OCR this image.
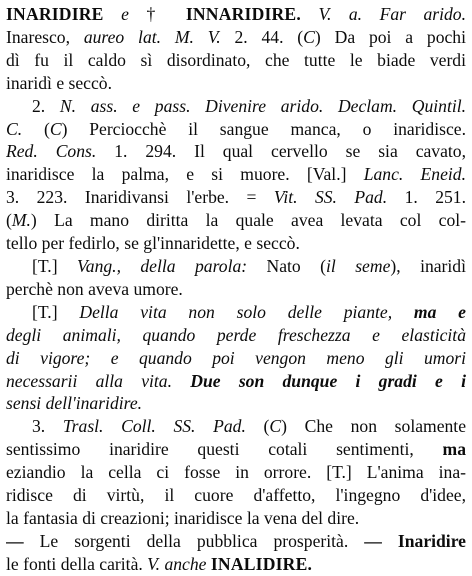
INARIDIRE e † INNARIDIRE. V. a. Far arido.
Inaresco, aureo lat. M. V. 2. 44. (C) Da poi a pochi
dì fu il caldo sì disordinato, che tutte le biade verdi
inaridì e seccò.
2. N. ass. e pass. Divenire arido. Declam. Quintil.
C. (C) Perciocchè il sangue manca, o inaridisce.
Red. Cons. 1. 294. Il qual cervello se sia cavato,
inaridisce la palma, e si muore. [Val.] Lanc. Eneid.
3. 223. Inaridivansi l'erbe. = Vit. SS. Pad. 1. 251.
(M.) La mano diritta la quale avea levata col col-
tello per fedirlo, se gl'innaridette, e seccò.
[T.] Vang., della parola: Nato (il seme), inaridì
perchè non aveva umore.
[T.] Della vita non solo delle piante, ma e
degli animali, quando perde freschezza e elasticità
di vigore; e quando poi vengon meno gli umori
necessarii alla vita. Due son dunque i gradi e i
sensi dell'inaridire.
3. Trasl. Coll. SS. Pad. (C) Che non solamente
sentissimo inaridire questi cotali sentimenti, ma
eziandio la cella ci fosse in orrore. [T.] L'anima ina-
ridisce di virtù, il cuore d'affetto, l'ingegno d'idee,
la fantasia di creazioni; inaridisce la vena del dire.
— Le sorgenti della pubblica prosperità. — Inaridire
le fonti della carità. V. anche INALIDIRE.
